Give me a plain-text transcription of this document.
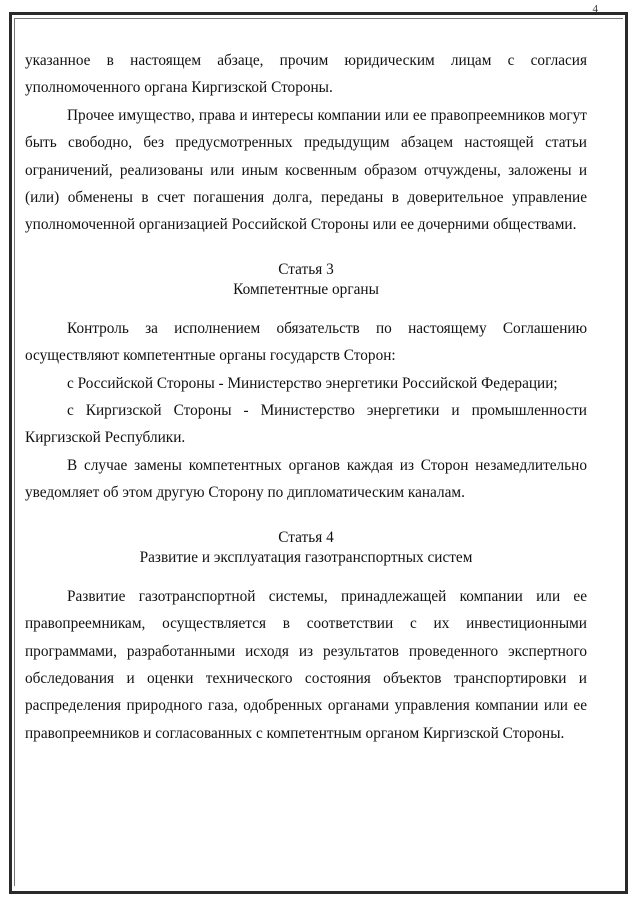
4

указанное в настоящем абзаце, прочим юридическим лицам с согласия уполномоченного органа Киргизской Стороны.

Прочее имущество, права и интересы компании или ее правопреемников могут быть свободно, без предусмотренных предыдущим абзацем настоящей статьи ограничений, реализованы или иным косвенным образом отчуждены, заложены и (или) обменены в счет погашения долга, переданы в доверительное управление уполномоченной организацией Российской Стороны или ее дочерними обществами.

Статья 3

Компетентные органы

Контроль за исполнением обязательств по настоящему Соглашению осуществляют компетентные органы государств Сторон:

с Российской Стороны - Министерство энергетики Российской Федерации;

с Киргизской Стороны - Министерство энергетики и промышленности Киргизской Республики.

В случае замены компетентных органов каждая из Сторон незамедлительно уведомляет об этом другую Сторону по дипломатическим каналам.

Статья 4

Развитие и эксплуатация газотранспортных систем

Развитие газотранспортной системы, принадлежащей компании или ее правопреемникам, осуществляется в соответствии с их инвестиционными программами, разработанными исходя из результатов проведенного экспертного обследования и оценки технического состояния объектов транспортировки и распределения природного газа, одобренных органами управления компании или ее правопреемников и согласованных с компетентным органом Киргизской Стороны.
